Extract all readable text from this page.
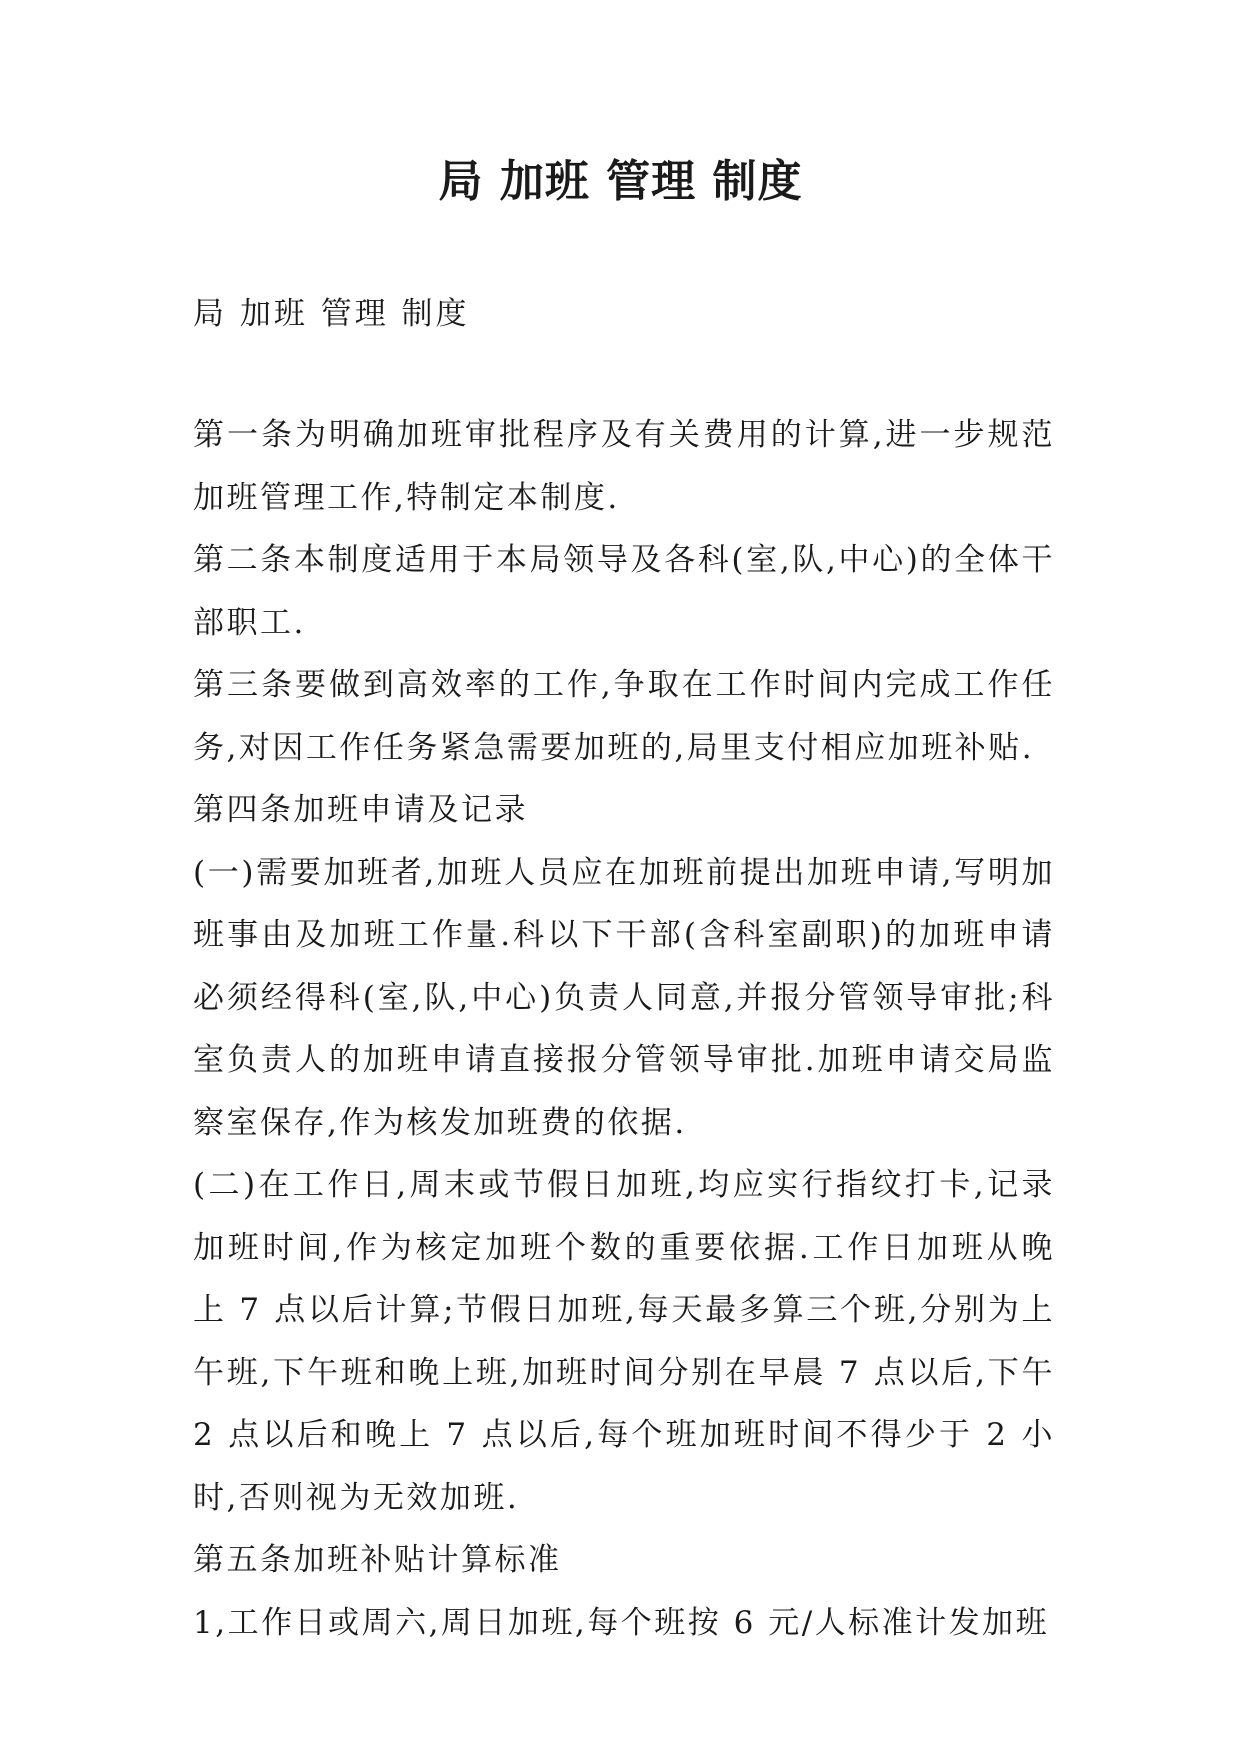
局 加班 管理 制度
局 加班 管理 制度

第一条为明确加班审批程序及有关费用的计算,进一步规范加班管理工作,特制定本制度.

第二条本制度适用于本局领导及各科(室,队,中心)的全体干部职工.

第三条要做到高效率的工作,争取在工作时间内完成工作任务,对因工作任务紧急需要加班的,局里支付相应加班补贴.

第四条加班申请及记录

(一)需要加班者,加班人员应在加班前提出加班申请,写明加班事由及加班工作量.科以下干部(含科室副职)的加班申请必须经得科(室,队,中心)负责人同意,并报分管领导审批;科室负责人的加班申请直接报分管领导审批.加班申请交局监察室保存,作为核发加班费的依据.

(二)在工作日,周末或节假日加班,均应实行指纹打卡,记录加班时间,作为核定加班个数的重要依据.工作日加班从晚上 7 点以后计算;节假日加班,每天最多算三个班,分别为上午班,下午班和晚上班,加班时间分别在早晨 7 点以后,下午 2 点以后和晚上 7 点以后,每个班加班时间不得少于 2 小时,否则视为无效加班.

第五条加班补贴计算标准

1,工作日或周六,周日加班,每个班按 6 元/人标准计发加班
